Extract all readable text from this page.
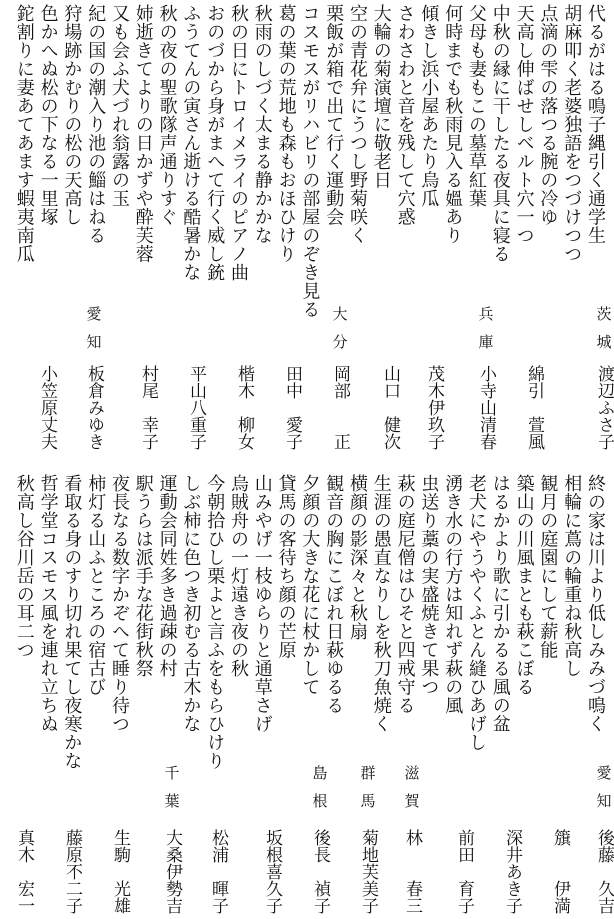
代るがはる鳴子縄引く通学生
胡麻叩く老婆独語をつづけつつ
点滴の雫の落つる腕の冷ゆ
天高し伸ばせしベルト穴一つ
中秋の縁に干したる夜具に寝る
父母も妻もこの墓草紅葉
何時までも秋雨見入る媼あり
傾きし浜小屋あたり烏瓜
さわさわと音を残して穴惑
大輪の菊演壇に敬老日
空の青花弁にうつし野菊咲く
栗飯が箱で出て行く運動会
コスモスがリハビリの部屋のぞき見る
葛の葉の荒地も森もおほひけり
秋雨のしづく太まる静かかな
秋の日にトロイメライのピアノ曲
おのづから身がまへて行く威し銃
ふうてんの寅さん逝ける酷暑かな
秋の夜の聖歌隊声通りすぐ
姉逝きてよりの日かずや酔芙蓉
又も会ふ犬づれ翁露の玉
紀の国の潮入り池の鯔はねる
狩場跡かむりの松の天高し
色かへぬ松の下なる一里塚
鉈割りに妻あてあます蝦夷南瓜
茨
城
兵
庫
大
分
愛
知
渡辺ふさ子
綿引　萱風
小寺山清春
茂木伊玖子
山口　健次
岡部　　正
田中　愛子
楷木　柳女
平山八重子
村尾　幸子
板倉みゆき
小笠原丈夫
終の家は川より低しみみづ鳴く
相輪に蔦の輪重ね秋高し
観月の庭園にして薪能
築山の川風まとも萩こぼる
はるかより歌に引かるる風の盆
老犬にやうやくふとん縫ひあげし
湧き水の行方は知れず萩の風
虫送り藁の実盛焼きて果つ
萩の庭尼僧はひそと四戒守る
生涯の愚直なりしを秋刀魚焼く
横顔の影深々と秋扇
観音の胸にこぼれ日萩ゆるる
夕顔の大きな花に杖かして
貸馬の客待ち顔の芒原
山みやげ一枝ゆらりと通草さげ
烏賊舟の一灯遠き夜の秋
今朝拾ひし栗よと言ふをもらひけり
しぶ柿に色つき初むる古木かな
運動会同姓多き過疎の村
駅うらは派手な花街秋祭
夜長なる数字かぞへて睡り待つ
柿灯る山ふところの宿古び
看取る身のすり切れ果てし夜寒かな
哲学堂コスモス風を連れ立ちぬ
秋高し谷川岳の耳二つ
愛
知
滋
賀
群
馬
島
根
千
葉
後藤　久吉
籏　　伊満
深井あき子
前田　育子
林　　春三
菊地芙美子
後長　禎子
坂根喜久子
松浦　暉子
大桑伊勢吉
生駒　光雄
藤原不二子
真木　宏一
